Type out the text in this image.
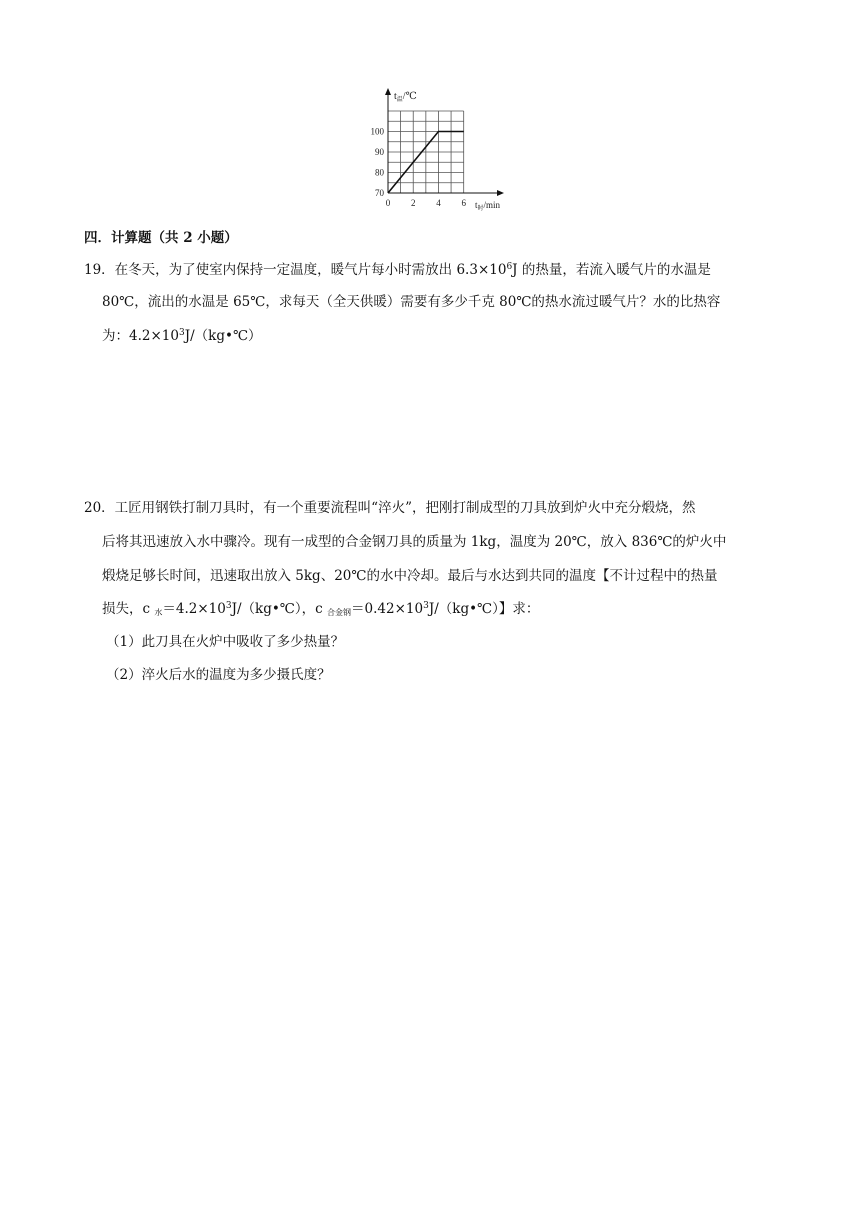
0 2 4 6
70
80
90
100
$t_温/℃$
$t_时/\min$
四．计算题（共 2 小题）
19．在冬天，为了使室内保持一定温度，暖气片每小时需放出 $6.3\times 10^6J$ 的热量，若流入暖气片的水温是
80℃，流出的水温是 65℃，求每天（全天供暖）需要有多少千克 80℃的热水流过暖气片？水的比热容
为：$4.2\times 10^3J/(kg•℃)$
20．工匠用钢铁打制刀具时，有一个重要流程叫“淬火”，把刚打制成型的刀具放到炉火中充分煅烧，然
后将其迅速放入水中骤冷。现有一成型的合金钢刀具的质量为 1kg，温度为 20℃，放入 836℃的炉火中
煅烧足够长时间，迅速取出放入 5kg、20℃的水中冷却。最后与水达到共同的温度【不计过程中的热量
损失，c $_水=4.2\times 10^3J/(kg•℃)$，c $_{合金钢}=0.42\times 10^3J/(kg•℃)$】求：
（1）此刀具在火炉中吸收了多少热量？
（2）淬火后水的温度为多少摄氏度？
